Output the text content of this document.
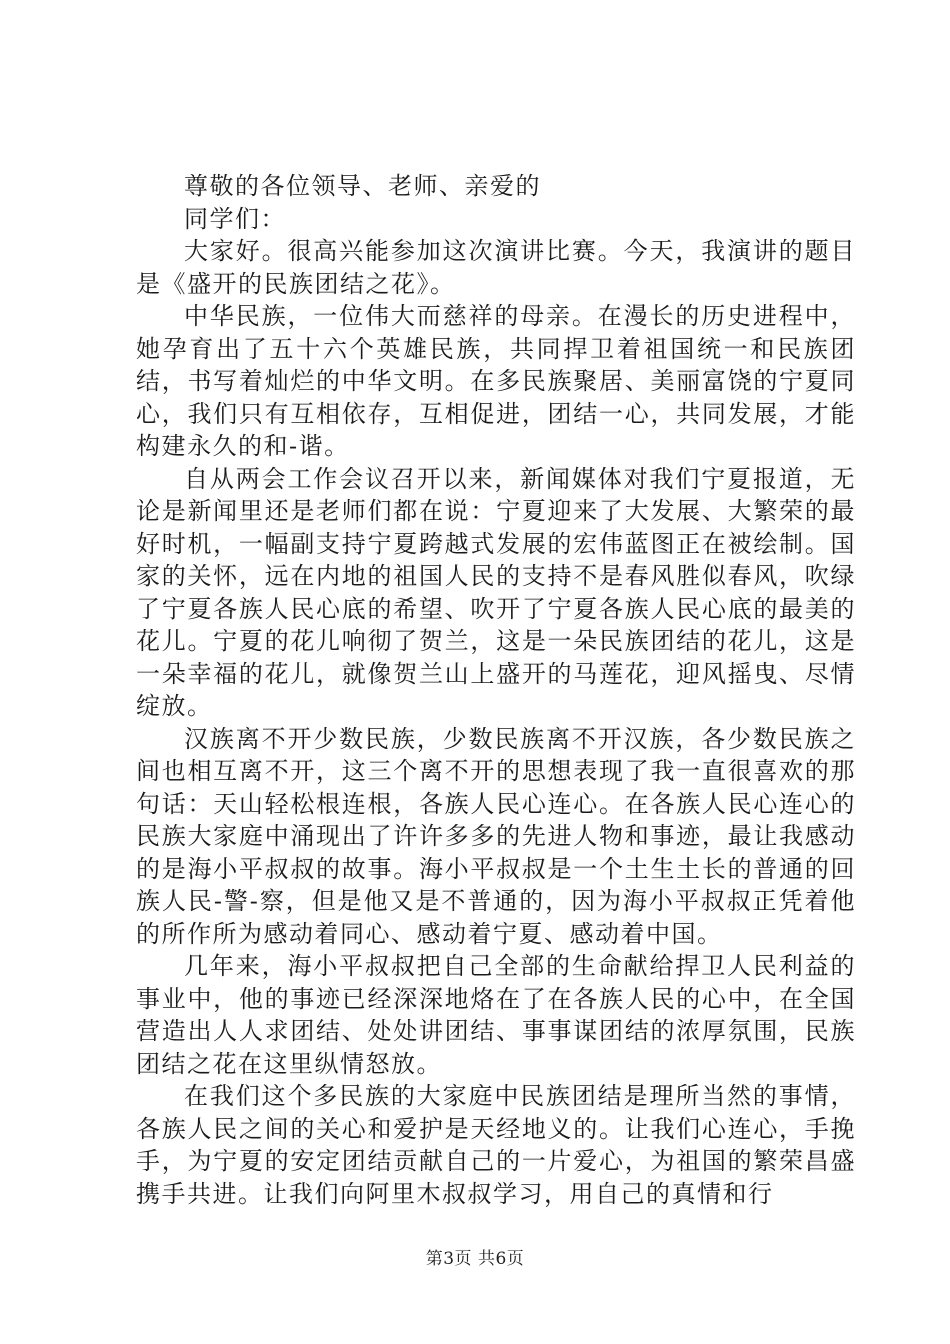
尊敬的各位领导、老师、亲爱的

同学们：

大家好。很高兴能参加这次演讲比赛。今天，我演讲的题目是《盛开的民族团结之花》。

中华民族，一位伟大而慈祥的母亲。在漫长的历史进程中，她孕育出了五十六个英雄民族，共同捍卫着祖国统一和民族团结，书写着灿烂的中华文明。在多民族聚居、美丽富饶的宁夏同心，我们只有互相依存，互相促进，团结一心，共同发展，才能构建永久的和-谐。

自从两会工作会议召开以来，新闻媒体对我们宁夏报道，无论是新闻里还是老师们都在说：宁夏迎来了大发展、大繁荣的最好时机，一幅副支持宁夏跨越式发展的宏伟蓝图正在被绘制。国家的关怀，远在内地的祖国人民的支持不是春风胜似春风，吹绿了宁夏各族人民心底的希望、吹开了宁夏各族人民心底的最美的花儿。宁夏的花儿响彻了贺兰，这是一朵民族团结的花儿，这是一朵幸福的花儿，就像贺兰山上盛开的马莲花，迎风摇曳、尽情绽放。

汉族离不开少数民族，少数民族离不开汉族，各少数民族之间也相互离不开，这三个离不开的思想表现了我一直很喜欢的那句话：天山轻松根连根，各族人民心连心。在各族人民心连心的民族大家庭中涌现出了许许多多的先进人物和事迹，最让我感动的是海小平叔叔的故事。海小平叔叔是一个土生土长的普通的回族人民-警-察，但是他又是不普通的，因为海小平叔叔正凭着他的所作所为感动着同心、感动着宁夏、感动着中国。

几年来，海小平叔叔把自己全部的生命献给捍卫人民利益的事业中，他的事迹已经深深地烙在了在各族人民的心中，在全国营造出人人求团结、处处讲团结、事事谋团结的浓厚氛围，民族团结之花在这里纵情怒放。

在我们这个多民族的大家庭中民族团结是理所当然的事情，各族人民之间的关心和爱护是天经地义的。让我们心连心，手挽手，为宁夏的安定团结贡献自己的一片爱心，为祖国的繁荣昌盛携手共进。让我们向阿里木叔叔学习，用自己的真情和行

第3页 共6页
